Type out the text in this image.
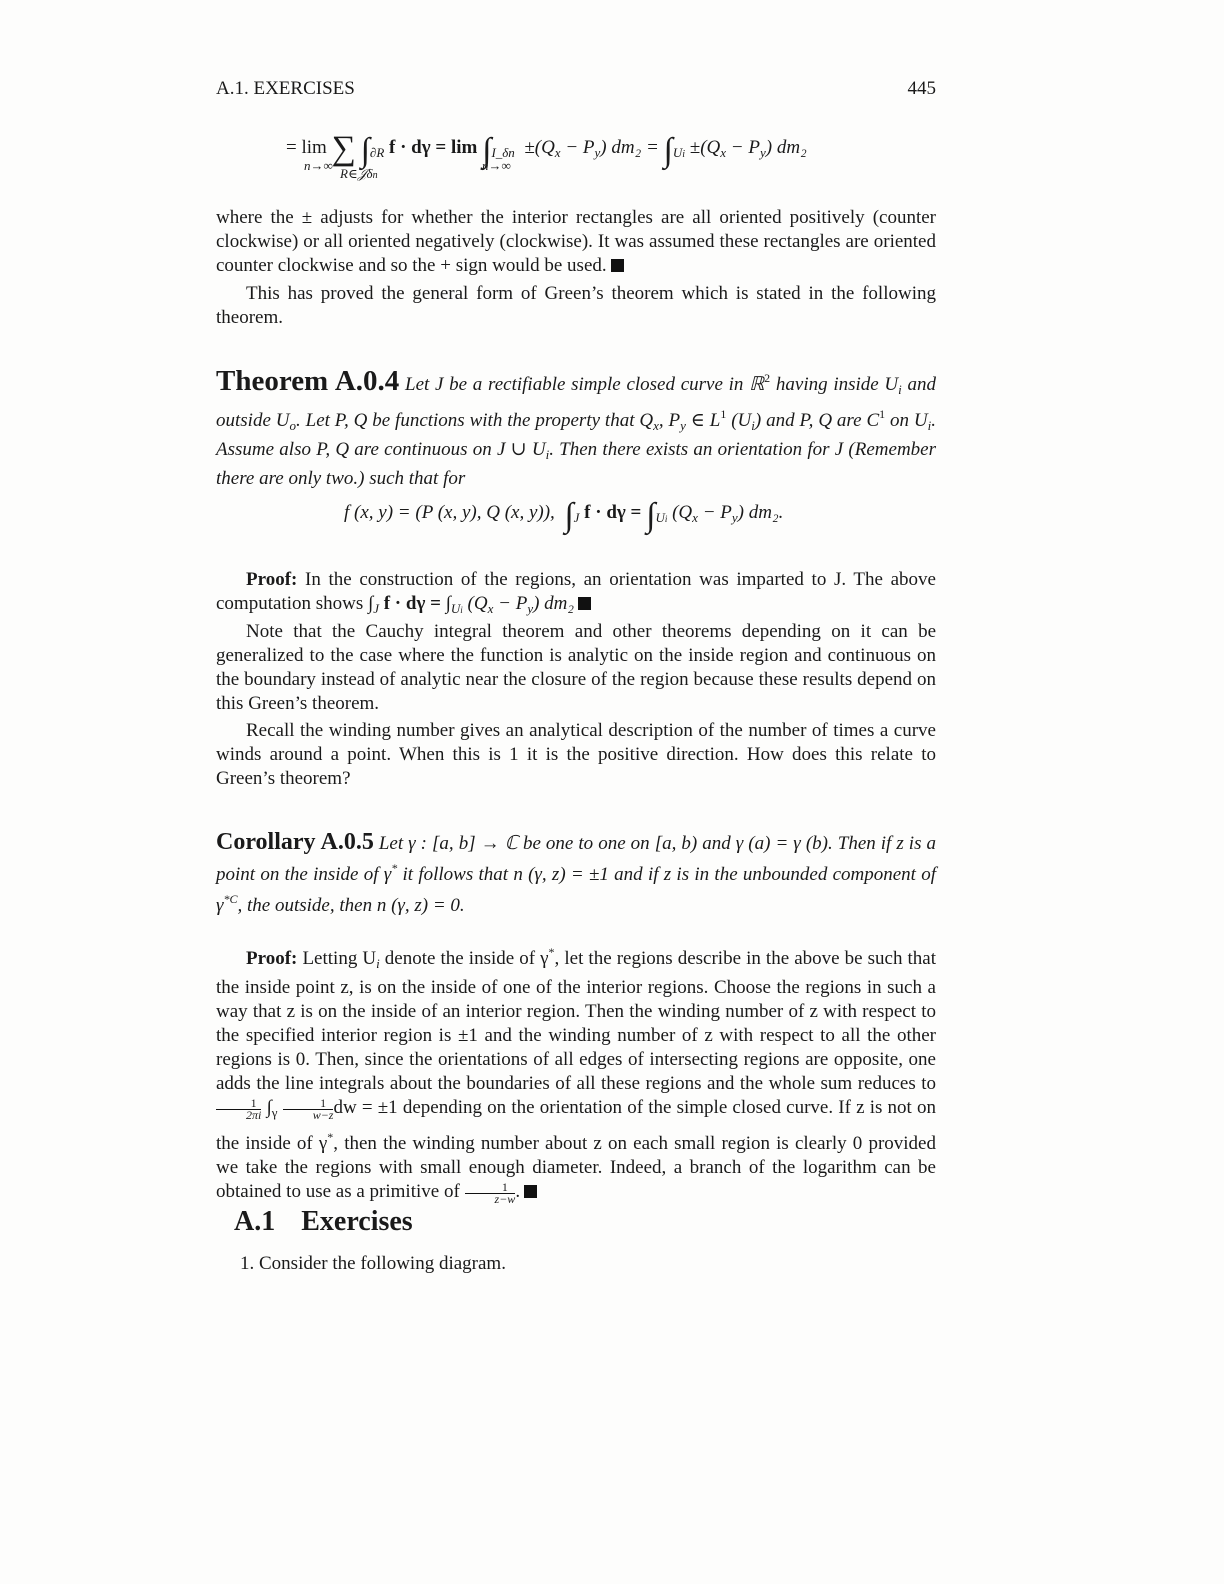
A.1. EXERCISES	445
= lim ∑ $\int_{\partial R}$ $f \cdot d\gamma = \lim \int_{I\_\delta n} \pm(Q_x - P_y) dm_2 = \int_{Ui} \pm(Q_x - P_y)$ dm₂
n→∞
R∈𝒥δn
n→∞
where the ± adjusts for whether the interior rectangles are all oriented positively (counter clockwise) or all oriented negatively (clockwise). It was assumed these rectangles are oriented counter clockwise and so the + sign would be used.
This has proved the general form of Green’s theorem which is stated in the following theorem.
Theorem A.0.4 Let J be a rectifiable simple closed curve in ℝ$^2$ having inside $U_i$ and outside $U_o$. Let P, Q be functions with the property that $Q_x$, $P_y$ ∈ $L^1$ $(U_i)$ and P, Q are $C^1$ on $U_i$. Assume also P, Q are continuous on J ∪ $U_i$. Then there exists an orientation for J (Remember there are only two.) such that for
f (x, y) = (P (x, y), Q (x, y)), $\int_J$ $f \cdot d\gamma = \int_{Ui}$ $(Q_x - P_y)$ dm₂.
Proof: In the construction of the regions, an orientation was imparted to J. The above computation shows $\int_J$ $f \cdot d\gamma = \int_{Ui}$ $(Q_x - P_y)$ dm₂
Note that the Cauchy integral theorem and other theorems depending on it can be generalized to the case where the function is analytic on the inside region and continuous on the boundary instead of analytic near the closure of the region because these results depend on this Green’s theorem.
Recall the winding number gives an analytical description of the number of times a curve winds around a point. When this is 1 it is the positive direction. How does this relate to Green’s theorem?
Corollary A.0.5 Let γ : [a, b] → ℂ be one to one on [a, b) and γ (a) = γ (b). Then if z is a point on the inside of γ* it follows that n (γ, z) = ±1 and if z is in the unbounded component of $\gamma^{*C}$, the outside, then n (γ, z) = 0.
Proof: Letting $U_i$ denote the inside of γ*, let the regions describe in the above be such that the inside point z, is on the inside of one of the interior regions. Choose the regions in such a way that z is on the inside of an interior region. Then the winding number of z with respect to the specified interior region is ±1 and the winding number of z with respect to all the other regions is 0. Then, since the orientations of all edges of intersecting regions are opposite, one adds the line integrals about the boundaries of all these regions and the whole sum reduces to
$\frac{1}{2\pi i} \int_\gamma \frac{1}{w-z}$ dw = ±1 depending on the orientation of the simple closed curve. If z is not on the inside of γ*, then the winding number about z on each small region is clearly 0 provided we take the regions with small enough diameter. Indeed, a branch of the logarithm can be obtained to use as a primitive of $\frac{1}{z-w}$ .
A.1 Exercises
1. Consider the following diagram.
